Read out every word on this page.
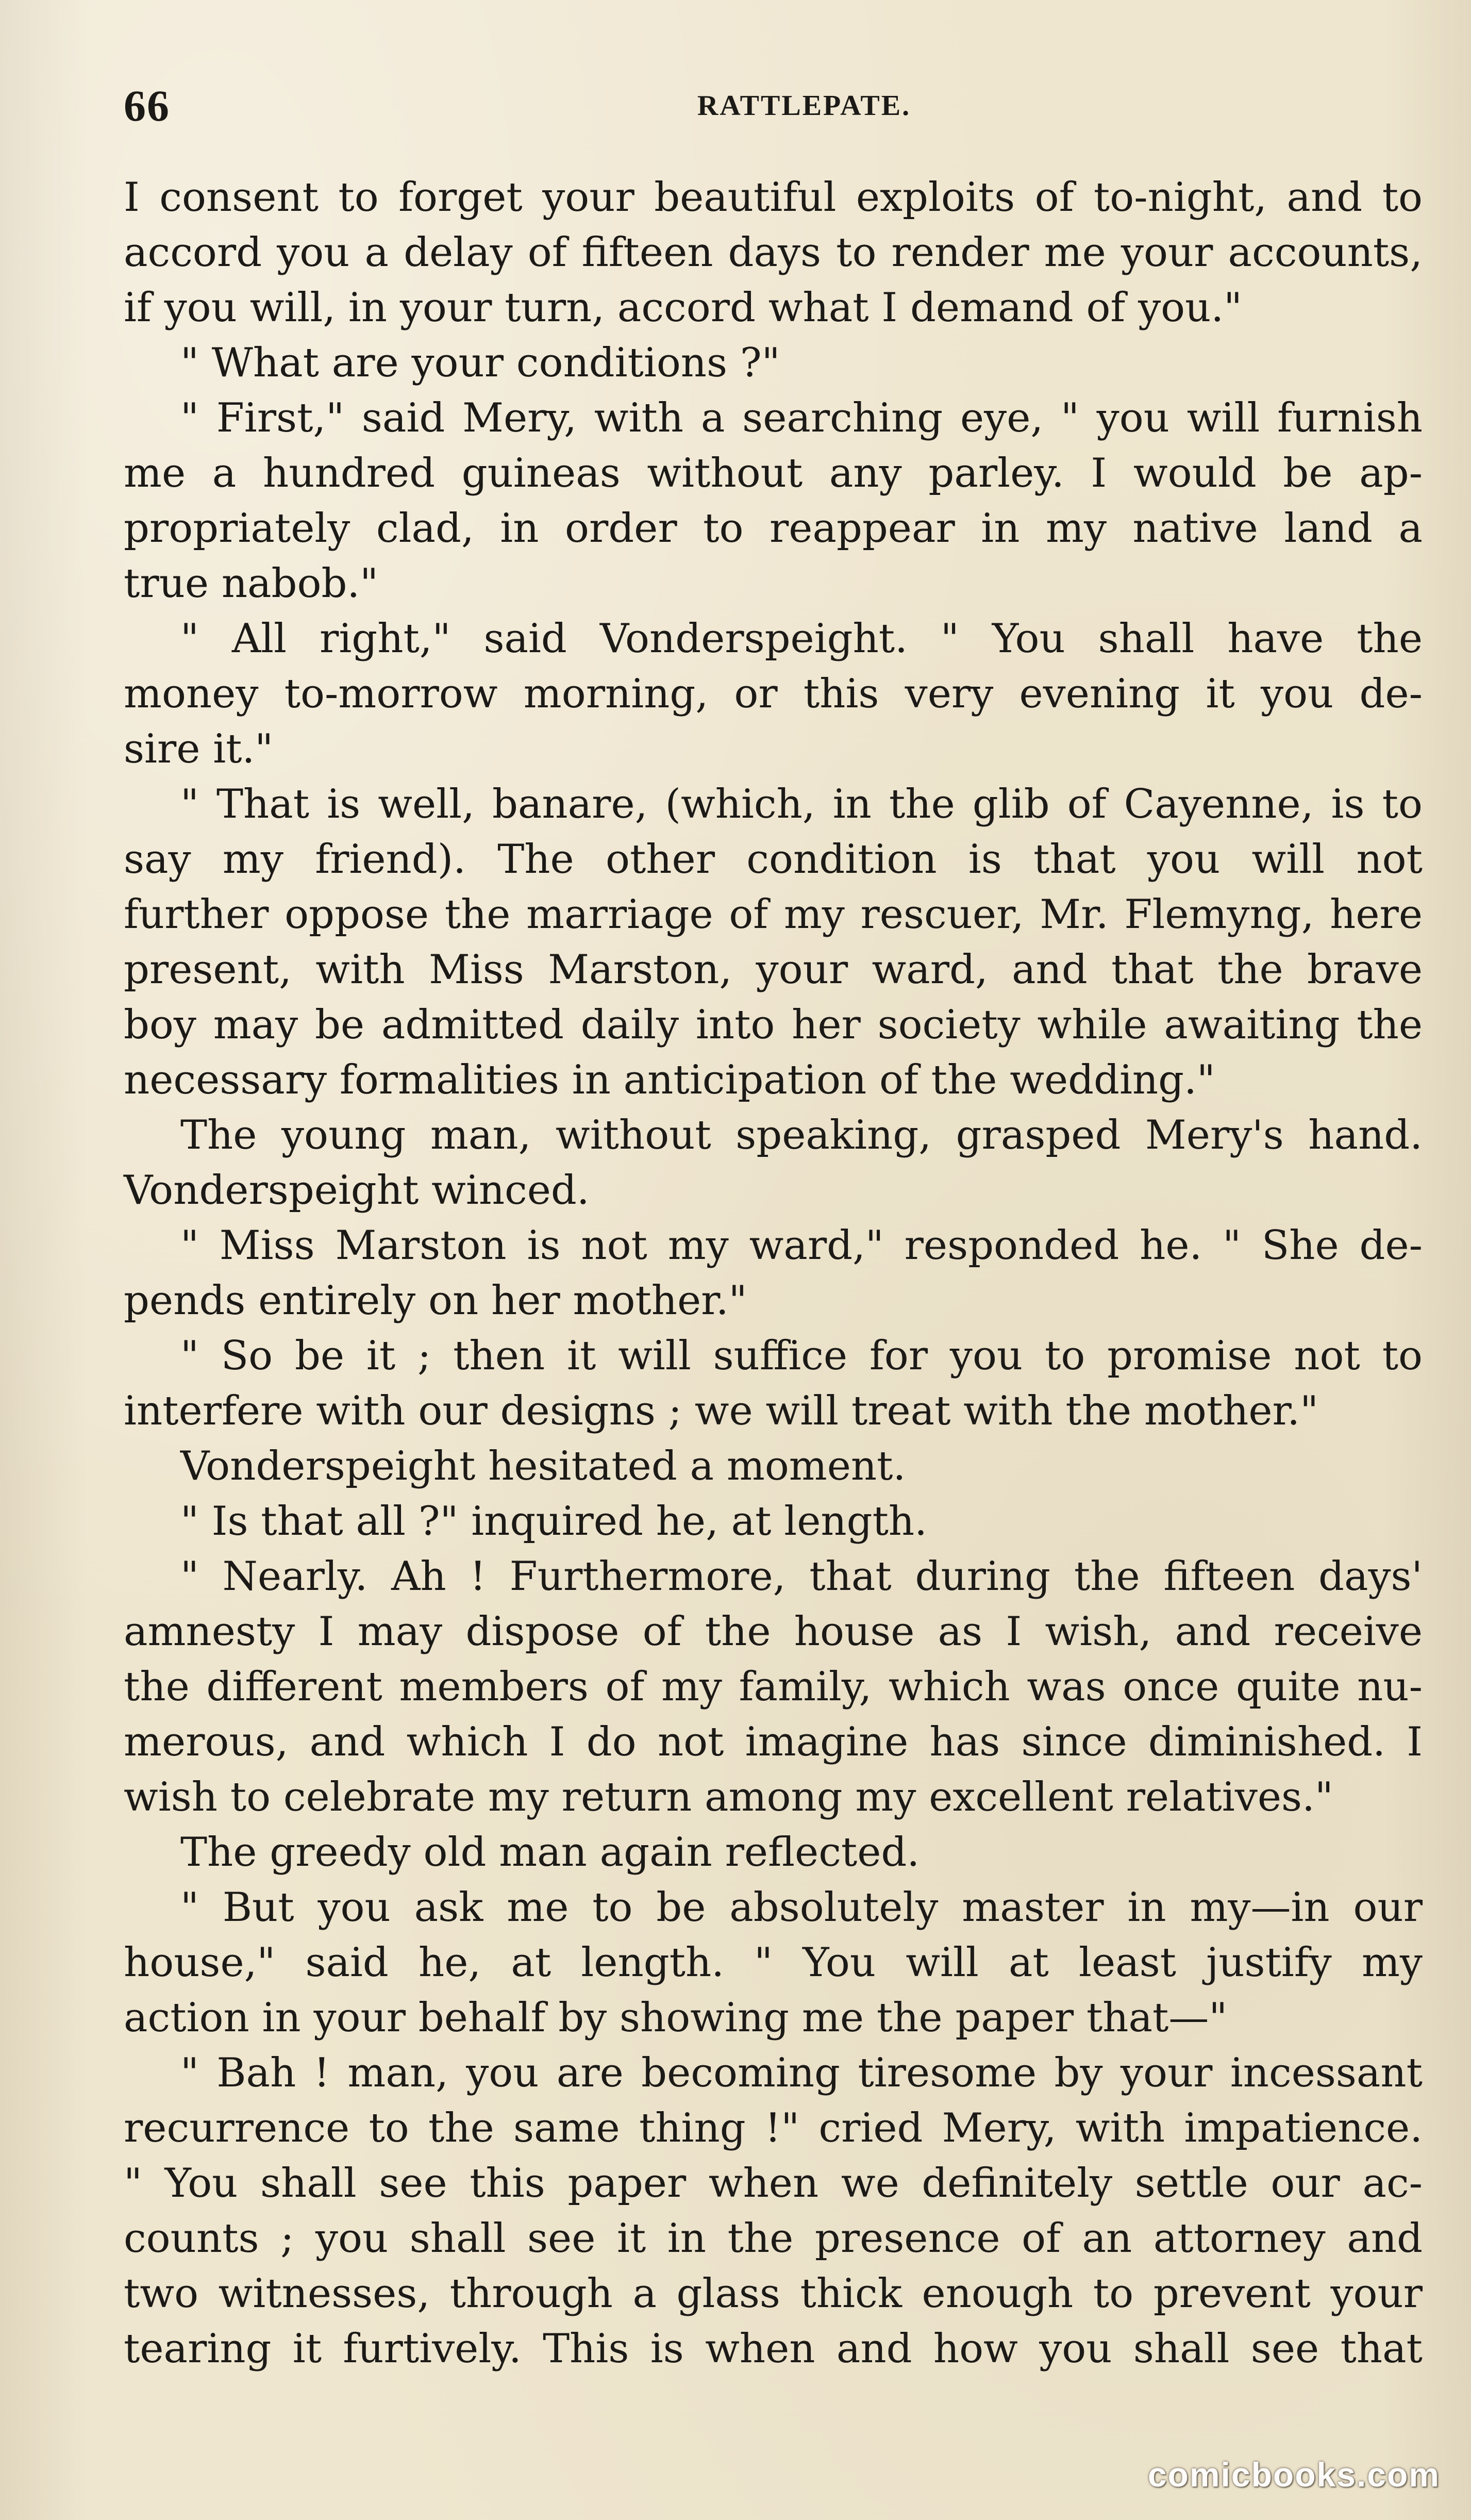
66	RATTLEPATE.
I consent to forget your beautiful exploits of to-night, and to
accord you a delay of fifteen days to render me your accounts,
if you will, in your turn, accord what I demand of you."
" What are your conditions ?"
" First," said Mery, with a searching eye, " you will furnish
me a hundred guineas without any parley. I would be ap-
propriately clad, in order to reappear in my native land a
true nabob."
" All right," said Vonderspeight. " You shall have the
money to-morrow morning, or this very evening it you de-
sire it."
" That is well, banare, (which, in the glib of Cayenne, is to
say my friend). The other condition is that you will not
further oppose the marriage of my rescuer, Mr. Flemyng, here
present, with Miss Marston, your ward, and that the brave
boy may be admitted daily into her society while awaiting the
necessary formalities in anticipation of the wedding."
The young man, without speaking, grasped Mery's hand.
Vonderspeight winced.
" Miss Marston is not my ward," responded he. " She de-
pends entirely on her mother."
" So be it ; then it will suffice for you to promise not to
interfere with our designs ; we will treat with the mother."
Vonderspeight hesitated a moment.
" Is that all ?" inquired he, at length.
" Nearly. Ah ! Furthermore, that during the fifteen days'
amnesty I may dispose of the house as I wish, and receive
the different members of my family, which was once quite nu-
merous, and which I do not imagine has since diminished. I
wish to celebrate my return among my excellent relatives."
The greedy old man again reflected.
" But you ask me to be absolutely master in my—in our
house," said he, at length. " You will at least justify my
action in your behalf by showing me the paper that—"
" Bah ! man, you are becoming tiresome by your incessant
recurrence to the same thing !" cried Mery, with impatience.
" You shall see this paper when we definitely settle our ac-
counts ; you shall see it in the presence of an attorney and
two witnesses, through a glass thick enough to prevent your
tearing it furtively. This is when and how you shall see that
comicbooks.com
